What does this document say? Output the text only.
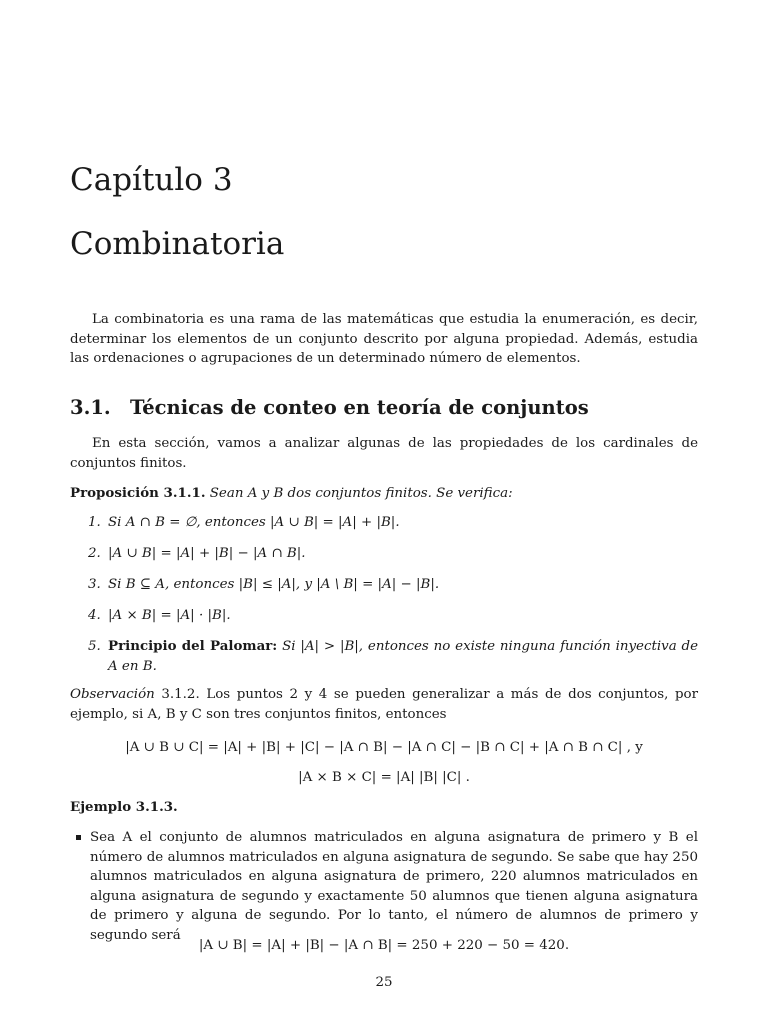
Capítulo 3
Combinatoria

La combinatoria es una rama de las matemáticas que estudia la enumeración, es decir, determinar los elementos de un conjunto descrito por alguna propiedad. Además, estudia las ordenaciones o agrupaciones de un determinado número de elementos.

3.1. Técnicas de conteo en teoría de conjuntos

En esta sección, vamos a analizar algunas de las propiedades de los cardinales de conjuntos finitos.

Proposición 3.1.1. Sean A y B dos conjuntos finitos. Se verifica:
1. Si A ∩ B = ∅, entonces |A ∪ B| = |A| + |B|.
2. |A ∪ B| = |A| + |B| − |A ∩ B|.
3. Si B ⊆ A, entonces |B| ≤ |A|, y |A \ B| = |A| − |B|.
4. |A × B| = |A| · |B|.
5. Principio del Palomar: Si |A| > |B|, entonces no existe ninguna función inyectiva de A en B.
Observación 3.1.2. Los puntos 2 y 4 se pueden generalizar a más de dos conjuntos, por ejemplo, si A, B y C son tres conjuntos finitos, entonces
|A ∪ B ∪ C| = |A| + |B| + |C| − |A ∩ B| − |A ∩ C| − |B ∩ C| + |A ∩ B ∩ C| , y
|A × B × C| = |A| |B| |C| .
Ejemplo 3.1.3.
Sea A el conjunto de alumnos matriculados en alguna asignatura de primero y B el número de alumnos matriculados en alguna asignatura de segundo. Se sabe que hay 250 alumnos matriculados en alguna asignatura de primero, 220 alumnos matriculados en alguna asignatura de segundo y exactamente 50 alumnos que tienen alguna asignatura de primero y alguna de segundo. Por lo tanto, el número de alumnos de primero y segundo será
|A ∪ B| = |A| + |B| − |A ∩ B| = 250 + 220 − 50 = 420.
25
